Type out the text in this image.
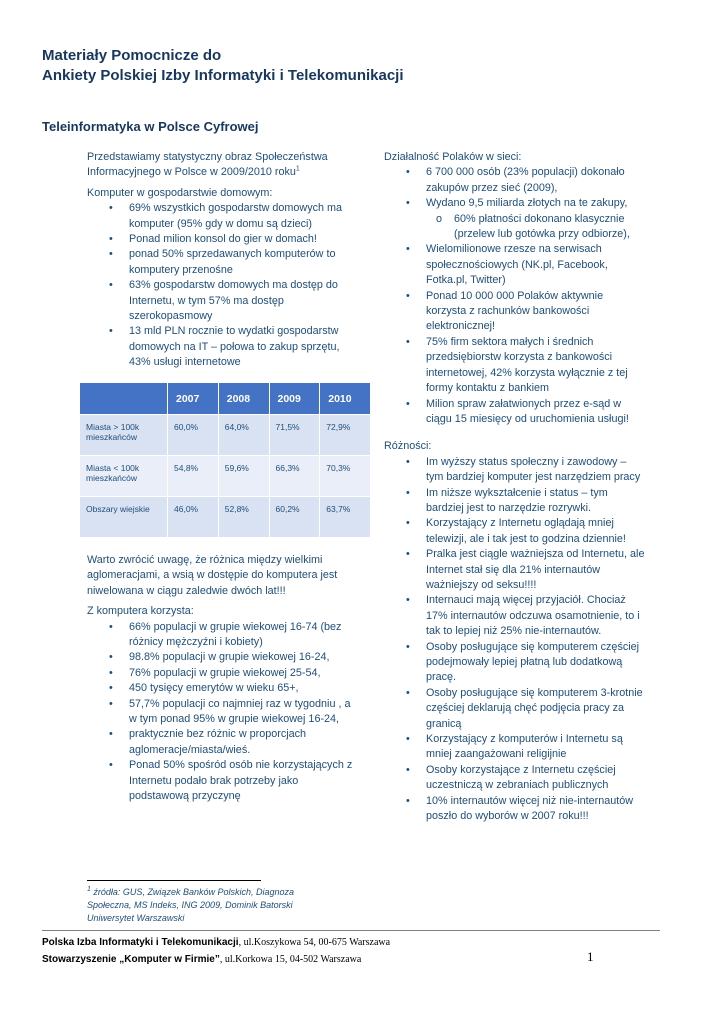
Materiały Pomocnicze do
Ankiety Polskiej Izby Informatyki i Telekomunikacji
Teleinformatyka w Polsce Cyfrowej

Przedstawiamy statystyczny obraz Społeczeństwa Informacyjnego w Polsce w 2009/2010 roku$^1$

Komputer w gospodarstwie domowym:

• 69% wszystkich gospodarstw domowych ma komputer (95% gdy w domu są dzieci)
• Ponad milion konsol do gier w domach!
• ponad 50% sprzedawanych komputerów to komputery przenośne
• 63% gospodarstw domowych ma dostęp do Internetu, w tym 57% ma dostęp szerokopasmowy
• 13 mld PLN rocznie to wydatki gospodarstw domowych na IT – połowa to zakup sprzętu, 43% usługi internetowe
	2007	2008	2009	2010
Miasta > 100k mieszkańców	60,0%	64,0%	71,5%	72,9%
Miasta < 100k mieszkańców	54,8%	59,6%	66,3%	70,3%
Obszary wiejskie	46,0%	52,8%	60,2%	63,7%

Warto zwrócić uwagę, że różnica między wielkimi aglomeracjami, a wsią w dostępie do komputera jest niwelowana w ciągu zaledwie dwóch lat!!!

Z komputera korzysta:

• 66% populacji w grupie wiekowej 16-74 (bez różnicy mężczyźni i kobiety)
• 98.8% populacji w grupie wiekowej 16-24,
• 76% populacji w grupie wiekowej 25-54,
• 450 tysięcy emerytów w wieku 65+,
• 57,7% populacji co najmniej raz w tygodniu , a w tym ponad 95% w grupie wiekowej 16-24,
• praktycznie bez różnic w proporcjach aglomeracje/miasta/wieś.
• Ponad 50% spośród osób nie korzystających z Internetu podało brak potrzeby jako podstawową przyczynę

Działalność Polaków w sieci:

• 6 700 000 osób (23% populacji) dokonało zakupów przez sieć (2009),
• Wydano 9,5 miliarda złotych na te zakupy,
o 60% płatności dokonano klasycznie (przelew lub gotówka przy odbiorze),
• Wielomilionowe rzesze na serwisach społecznościowych (NK.pl, Facebook, Fotka.pl, Twitter)
• Ponad 10 000 000 Polaków aktywnie korzysta z rachunków bankowości elektronicznej!
• 75% firm sektora małych i średnich przedsiębiorstw korzysta z bankowości internetowej, 42% korzysta wyłącznie z tej formy kontaktu z bankiem
• Milion spraw załatwionych przez e-sąd w ciągu 15 miesięcy od uruchomienia usługi!

Różności:

• Im wyższy status społeczny i zawodowy – tym bardziej komputer jest narzędziem pracy
• Im niższe wykształcenie i status – tym bardziej jest to narzędzie rozrywki.
• Korzystający z Internetu oglądają mniej telewizji, ale i tak jest to godzina dziennie!
• Pralka jest ciągle ważniejsza od Internetu, ale Internet stał się dla 21% internautów ważniejszy od seksu!!!!
• Internauci mają więcej przyjaciół. Chociaż 17% internautów odczuwa osamotnienie, to i tak to lepiej niż 25% nie-internautów.
• Osoby posługujące się komputerem częściej podejmowały lepiej płatną lub dodatkową pracę.
• Osoby posługujące się komputerem 3-krotnie częściej deklarują chęć podjęcia pracy za granicą
• Korzystający z komputerów i Internetu są mniej zaangażowani religijnie
• Osoby korzystające z Internetu częściej uczestniczą w zebraniach publicznych
• 10% internautów więcej niż nie-internautów poszło do wyborów w 2007 roku!!!
$^1$ źródła: GUS, Związek Banków Polskich, Diagnoza Społeczna, MS Indeks, ING 2009, Dominik Batorski Uniwersytet Warszawski
Polska Izba Informatyki i Telekomunikacji, ul.Koszykowa 54, 00-675 Warszawa
Stowarzyszenie „Komputer w Firmie”, ul.Korkowa 15, 04-502 Warszawa	1
